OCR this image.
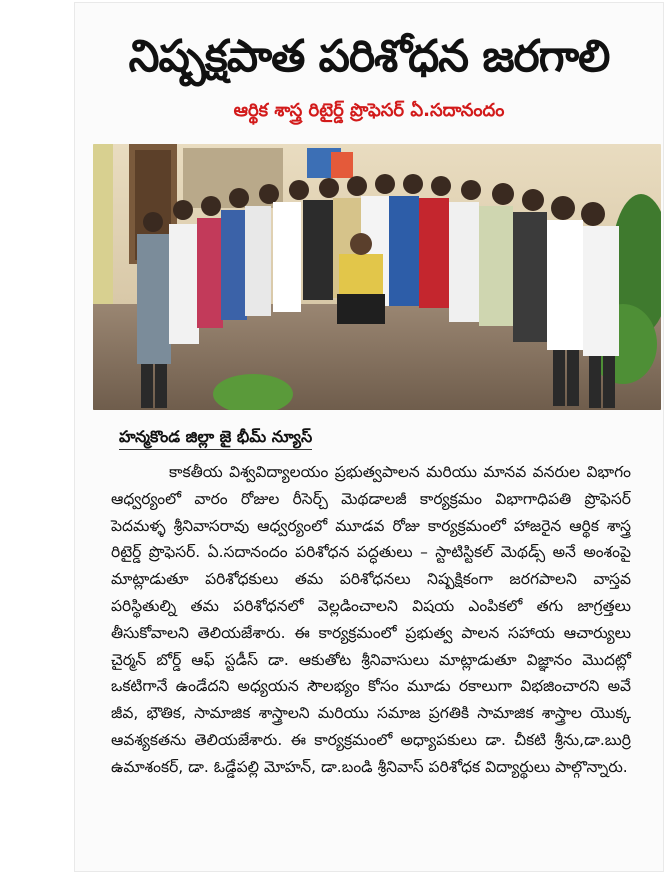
నిష్పక్షపాత పరిశోధన జరగాలి
ఆర్థిక శాస్త్ర రిటైర్డ్ ప్రొఫెసర్ ఏ.సదానందం
హన్మకొండ జిల్లా జై భీమ్ న్యూస్

కాకతీయ విశ్వవిద్యాలయం ప్రభుత్వపాలన మరియు మానవ వనరుల విభాగం ఆధ్వర్యంలో వారం రోజుల రీసెర్చ్ మెథడాలజీ కార్యక్రమం విభాగాధిపతి ప్రొఫెసర్ పెదమళ్ళ శ్రీనివాసరావు ఆధ్వర్యంలో మూడవ రోజు కార్యక్రమంలో హాజరైన ఆర్థిక శాస్త్ర రిటైర్డ్ ప్రొఫెసర్. ఏ.సదానందం పరిశోధన పద్ధతులు – స్టాటిస్టికల్ మెథడ్స్ అనే అంశంపై మాట్లాడుతూ పరిశోధకులు తమ పరిశోధనలు నిష్పక్షికంగా జరగపాలని వాస్తవ పరిస్థితుల్ని తమ పరిశోధనలో వెల్లడించాలని విషయ ఎంపికలో తగు జాగ్రత్తలు తీసుకోవాలని తెలియజేశారు. ఈ కార్యక్రమంలో ప్రభుత్వ పాలన సహాయ ఆచార్యులు చైర్మన్ బోర్డ్ ఆఫ్ స్టడీస్ డా. ఆకుతోట శ్రీనివాసులు మాట్లాడుతూ విజ్ఞానం మొదట్లో ఒకటిగానే ఉండేదని అధ్యయన సౌలభ్యం కోసం మూడు రకాలుగా విభజించారని అవే జీవ, భౌతిక, సామాజిక శాస్త్రాలని మరియు సమాజ ప్రగతికి సామాజిక శాస్త్రాల యొక్క ఆవశ్యకతను తెలియజేశారు. ఈ కార్యక్రమంలో అధ్యాపకులు డా. చీకటి శ్రీను,డా.బుర్రి ఉమాశంకర్, డా. ఓడ్డేపల్లి మోహన్, డా.బండి శ్రీనివాస్ పరిశోధక విద్యార్థులు పాల్గొన్నారు.
